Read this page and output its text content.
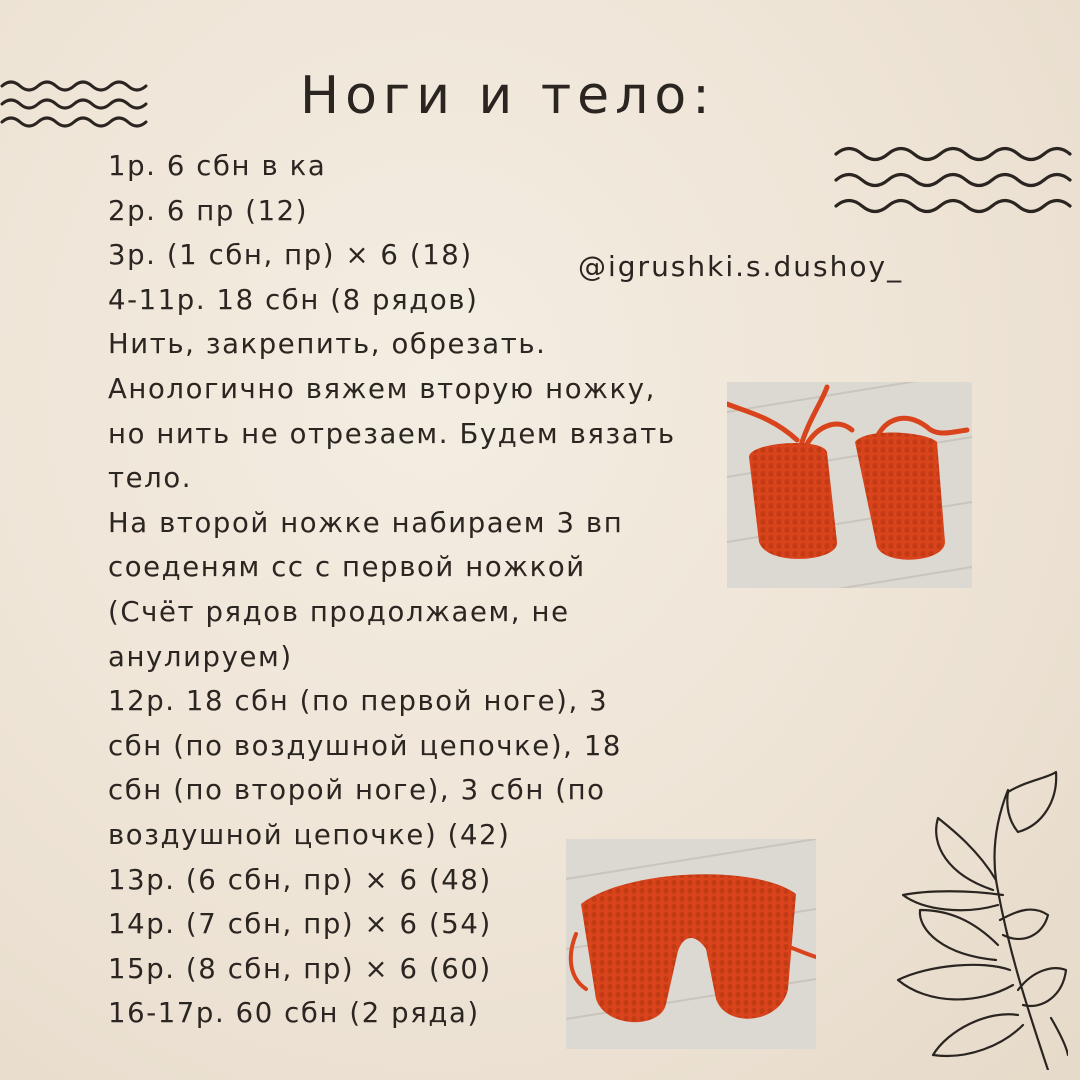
Ноги и тело:
@igrushki.s.dushoy_
1р. 6 сбн в ка
2р. 6 пр (12)
3р. (1 сбн, пр) × 6 (18)
4-11р. 18 сбн (8 рядов)
Нить, закрепить, обрезать.
Анологично вяжем вторую ножку,
но нить не отрезаем. Будем вязать
тело.
На второй ножке набираем 3 вп
соеденям сс с первой ножкой
(Счёт рядов продолжаем, не
анулируем)
12р. 18 сбн (по первой ноге), 3
сбн (по воздушной цепочке), 18
сбн (по второй ноге), 3 сбн (по
воздушной цепочке) (42)
13р. (6 сбн, пр) × 6 (48)
14р. (7 сбн, пр) × 6 (54)
15р. (8 сбн, пр) × 6 (60)
16-17р. 60 сбн (2 ряда)
